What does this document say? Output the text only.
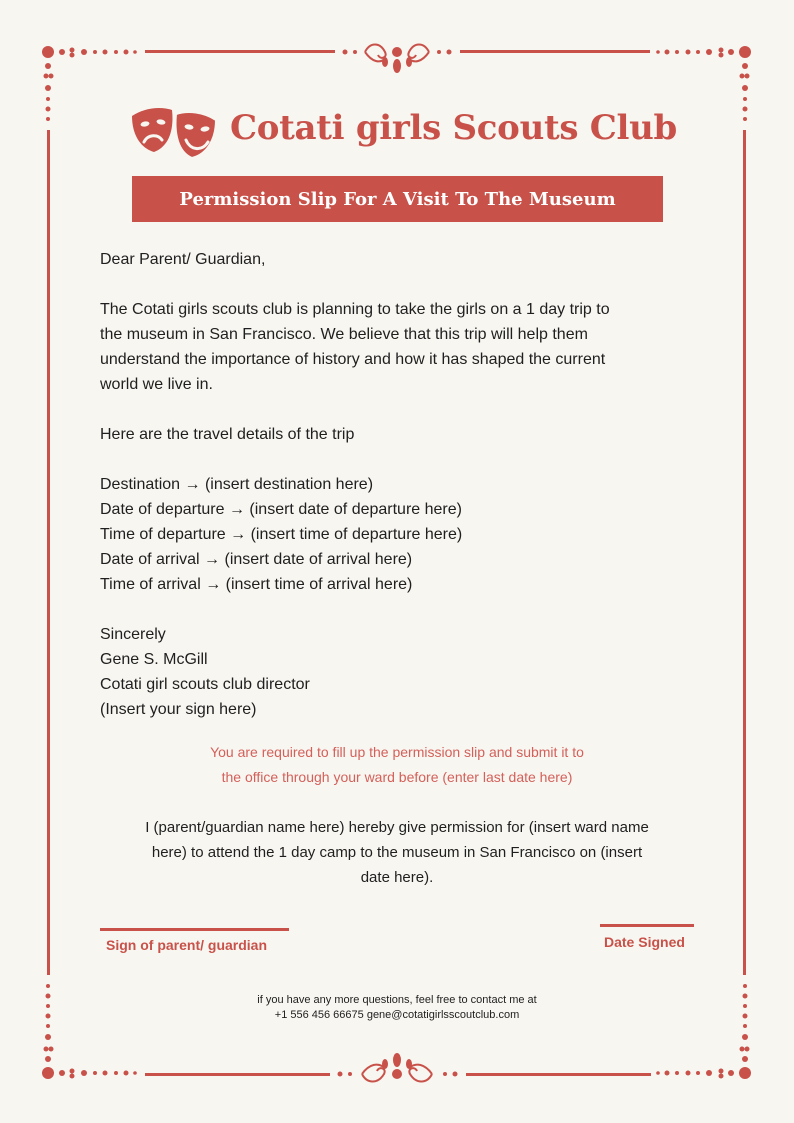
Cotati girls Scouts Club
Permission Slip For A Visit To The Museum
Dear Parent/ Guardian,

The Cotati girls scouts club is planning to take the girls on a 1 day trip to

the museum in San Francisco. We believe that this trip will help them

understand the importance of history and how it has shaped the current

world we live in.

Here are the travel details of the trip

Destination → (insert destination here)

Date of departure → (insert date of departure here)

Time of departure → (insert time of departure here)

Date of arrival → (insert date of arrival here)

Time of arrival → (insert time of arrival here)

Sincerely

Gene S. McGill

Cotati girl scouts club director

(Insert your sign here)

You are required to fill up the permission slip and submit it to
the office through your ward before (enter last date here)
I (parent/guardian name here) hereby give permission for (insert ward name
here) to attend the 1 day camp to the museum in San Francisco on (insert
date here).
Sign of parent/ guardian	Date Signed
if you have any more questions, feel free to contact me at
+1 556 456 66675 gene@cotatigirlsscoutclub.com
